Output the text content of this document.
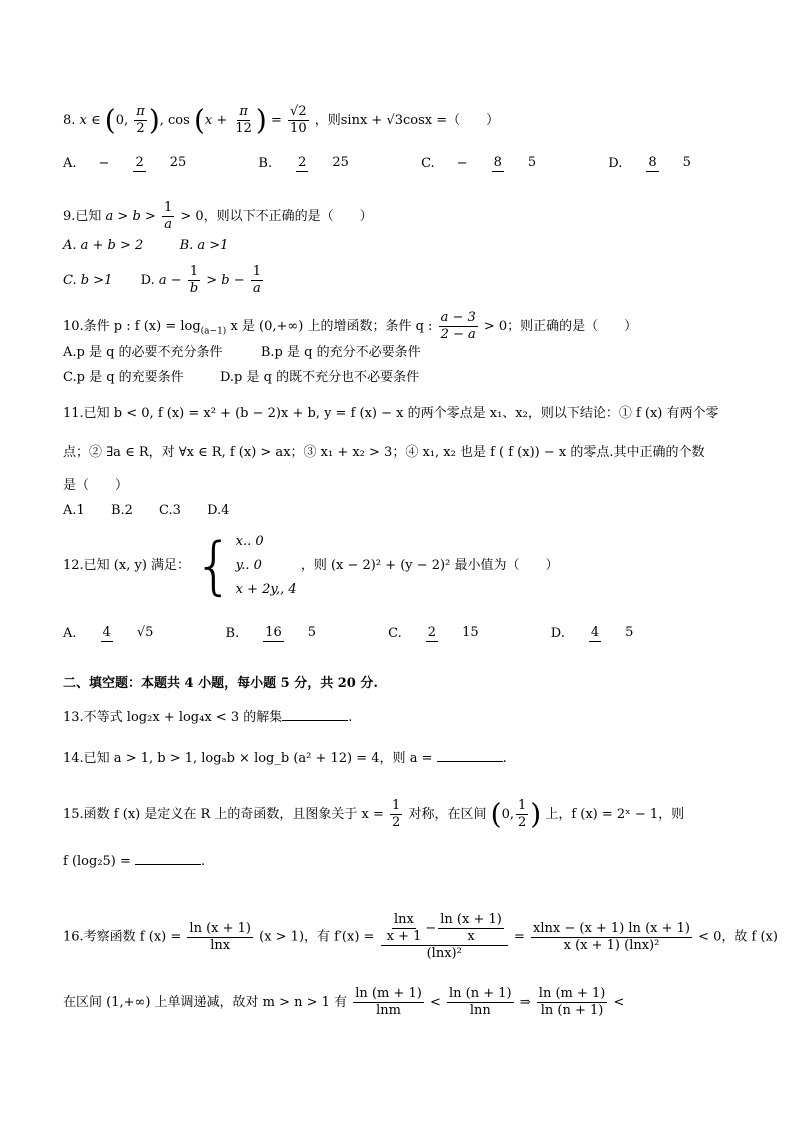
8. x ∈ (0, $\frac{\pi}{2}$ ), $\cos (x + \frac{\pi}{12}$ ) = $\frac{√2}{10}$ ，则sinx + √3cosx =（　　）
A. − 2 25	B. 2 25	C. − 8 5	D. 8 5
9.已知 $a > b > \frac{1}{a} > 0$，则以下不正确的是（　　）
A. a + b > 2	B. a >1
C. b >1 D. $a - \frac{1}{b} > b - \frac{1}{a}$
10.条件 p : f $(x) = \log_{(a-1)} x$ 是 (0,+∞) 上的增函数；条件 q : $\frac{a - 3}{2 - a} > 0$；则正确的是（　　）
A.p 是 q 的必要不充分条件	B.p 是 q 的充分不必要条件
C.p 是 q 的充要条件	D.p 是 q 的既不充分也不必要条件
11.已知 b < 0, f (x) = x² + (b − 2)x + b, y = f (x) − x 的两个零点是 x₁、x₂，则以下结论：① f (x) 有两个零
点；② ∃a ∈ R，对 ∀x ∈ R, f (x) > ax；③ x₁ + x₂ > 3；④ x₁, x₂ 也是 f ( f (x)) − x 的零点.其中正确的个数
是（　　）
A.1 B.2 C.3 D.4
12.已知 (x, y) 满足： { x.. 0
y.. 0
x + 2y,, 4
，则 (x − 2)² + (y − 2)² 最小值为（　　）
A. 4 √5	B. 16 5	C. 2 15	D. 4 5
二、填空题：本题共 4 小题，每小题 5 分，共 20 分.
13.不等式 log₂x + log₄x < 3 的解集	.
14.已知 a > 1, b > 1, logₐb × log_b (a² + 12) = 4，则 a =	.
15.函数 f (x) 是定义在 R 上的奇函数，且图象关于 $x = \frac{1}{2}$ 对称，在区间 (0, $\frac{1}{2}$ ) 上，f (x) = 2ˣ − 1，则
f (log₂5) =	.
16.考察函数 f $(x) = \frac{\ln (x + 1)}{\ln x} (x > 1)$，有 $f'(x) = \frac{\frac{\ln x}{x + 1} - \frac{\ln (x + 1)}{x}}{\text{(lnx)²}} = \frac{xlnx - (x + 1) \ln (x + 1)}{\text{x (x + 1) (lnx)²}} < 0$，故 f (x)
在区间 (1,+∞) 上单调递减，故对 m > n > 1 有 $\frac{\ln (m + 1)}{\ln m} < \frac{\ln (n + 1)}{\ln n}$ ⇒ $\frac{\ln (m + 1)}{\ln (n + 1)}$ <
